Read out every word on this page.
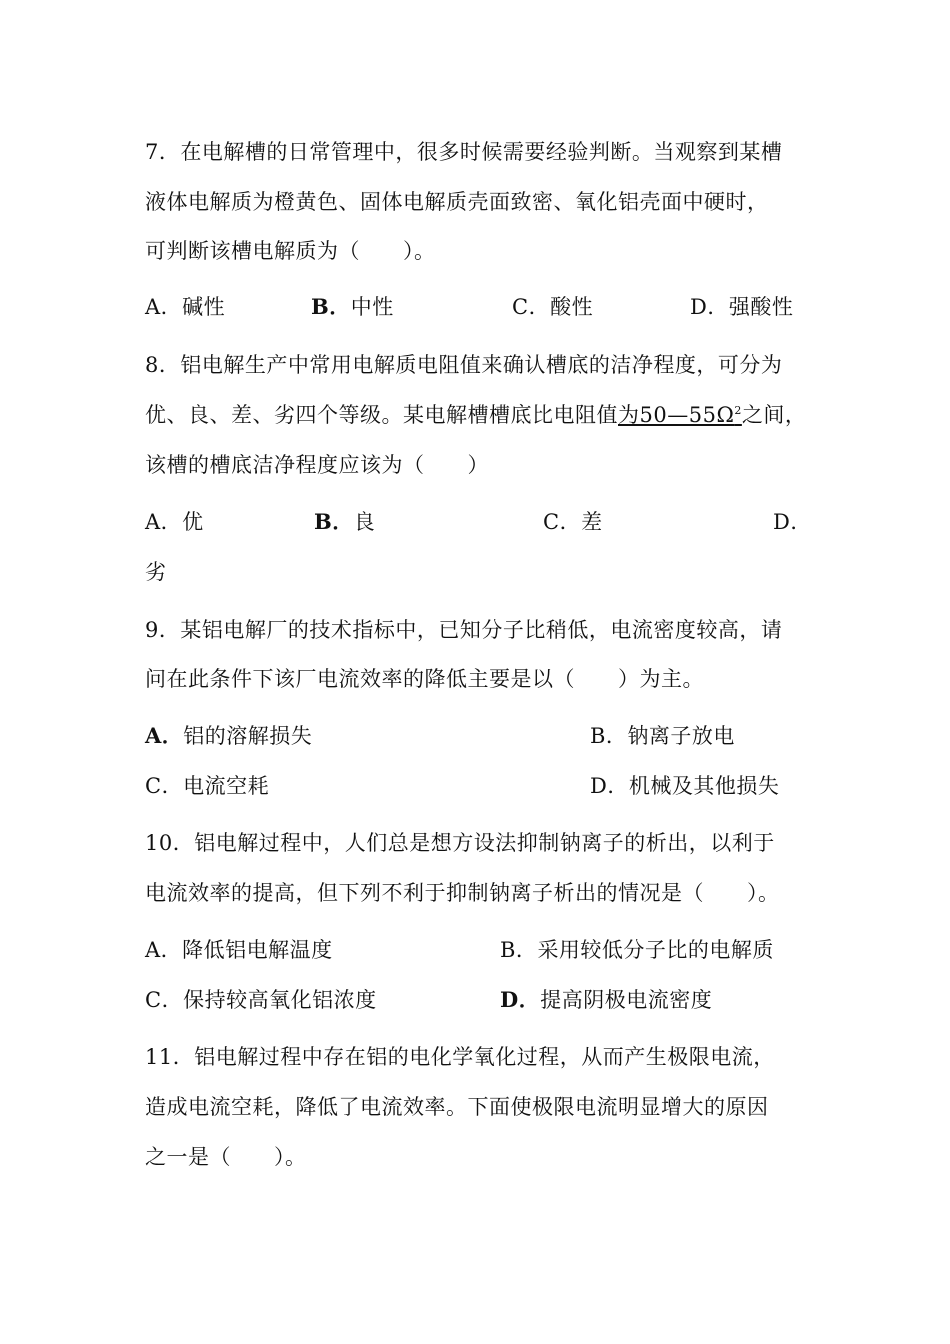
7．在电解槽的日常管理中，很多时候需要经验判断。当观察到某槽
液体电解质为橙黄色、固体电解质壳面致密、氧化铝壳面中硬时，
可判断该槽电解质为（　　）。
A．碱性	B．中性	C．酸性	D．强酸性
8．铝电解生产中常用电解质电阻值来确认槽底的洁净程度，可分为
优、良、差、劣四个等级。某电解槽槽底比电阻值为$50—55\Omega^2$之间，
该槽的槽底洁净程度应该为（　　）
A．优	B．良	C．差	D．
劣
9．某铝电解厂的技术指标中，已知分子比稍低，电流密度较高，请
问在此条件下该厂电流效率的降低主要是以（　　）为主。
A．铝的溶解损失	B．钠离子放电
C．电流空耗	D．机械及其他损失
10．铝电解过程中，人们总是想方设法抑制钠离子的析出，以利于
电流效率的提高，但下列不利于抑制钠离子析出的情况是（　　）。
A．降低铝电解温度	B．采用较低分子比的电解质
C．保持较高氧化铝浓度	D．提高阴极电流密度
11．铝电解过程中存在铝的电化学氧化过程，从而产生极限电流，
造成电流空耗，降低了电流效率。下面使极限电流明显增大的原因
之一是（　　）。
